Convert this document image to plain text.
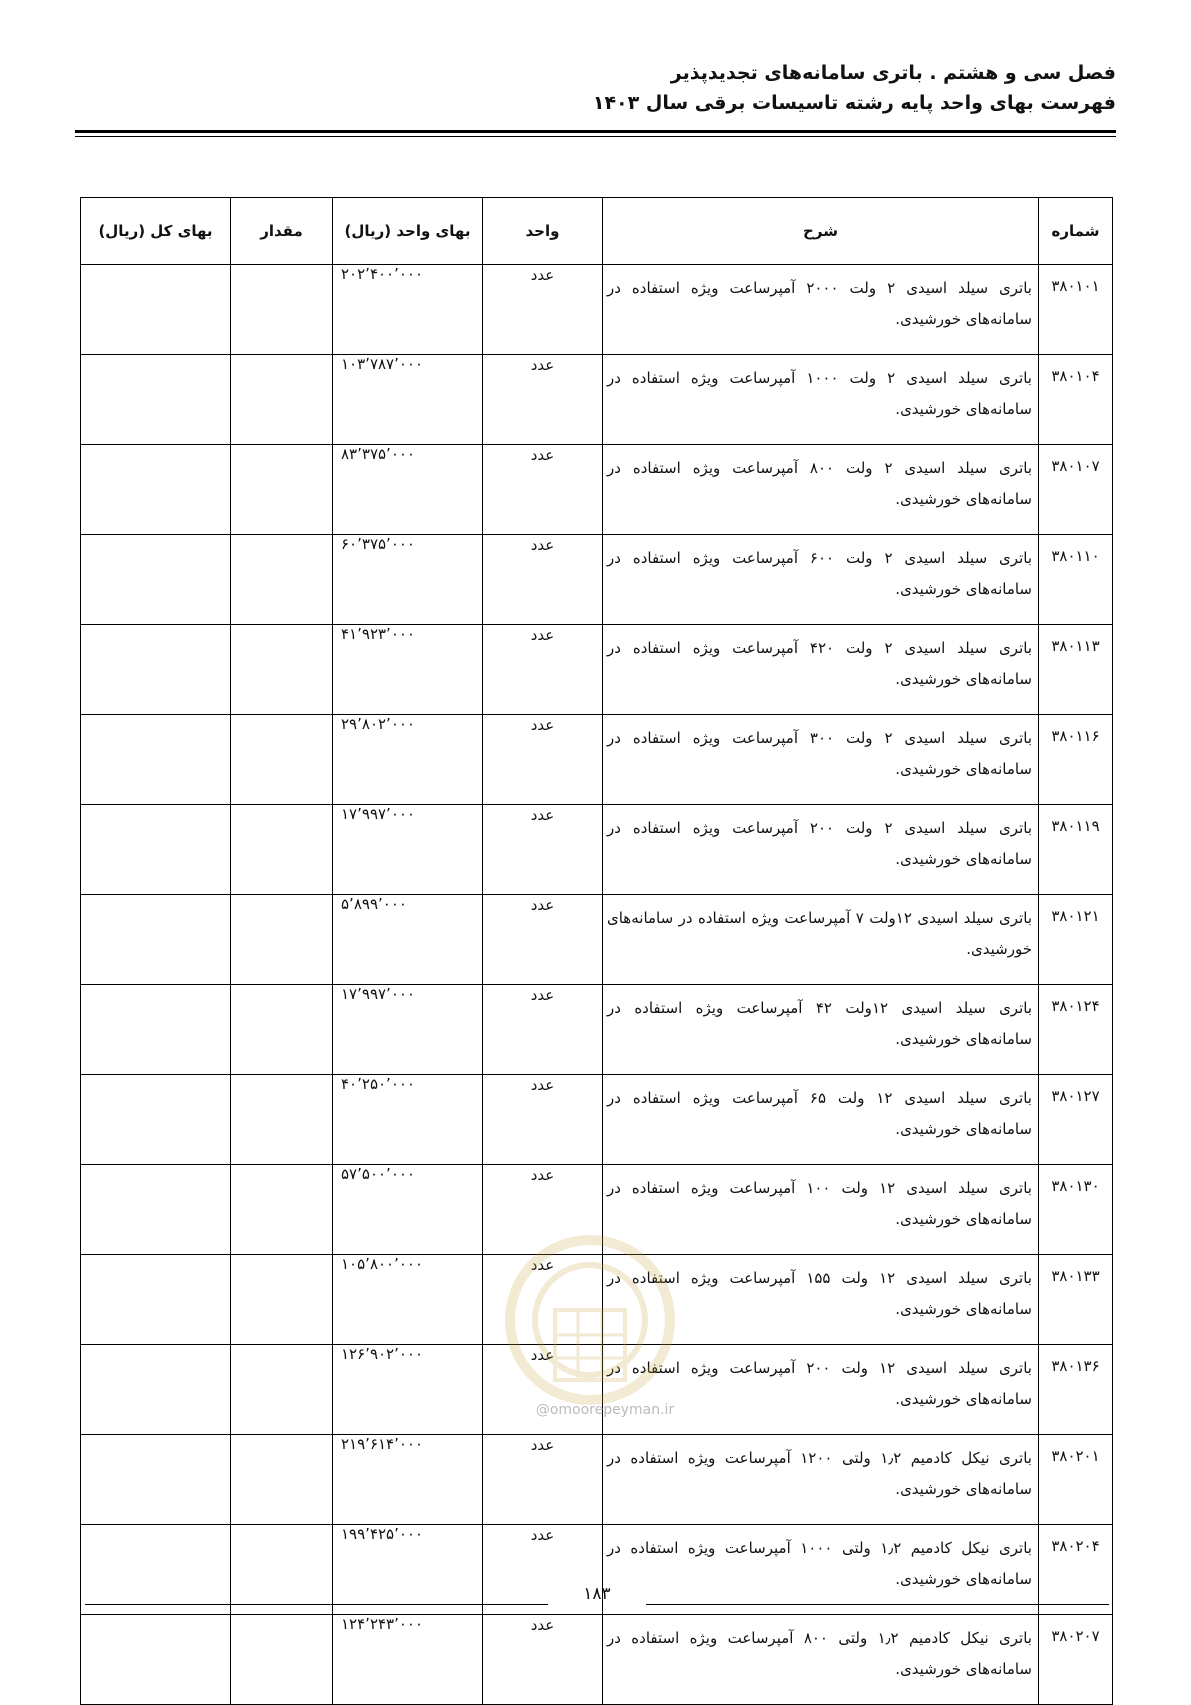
فصل سی و هشتم . باتری سامانه‌های تجدیدپذیر
فهرست بهای واحد پایه رشته تاسیسات برقی سال ۱۴۰۳
شماره	شرح	واحد	بهای واحد (ریال)	مقدار	بهای کل (ریال)
۳۸۰۱۰۱	باتری سیلد اسیدی ۲ ولت ۲۰۰۰ آمپرساعت ویژه استفاده در سامانه‌های خورشیدی.	عدد	۲۰۲٬۴۰۰٬۰۰۰		
۳۸۰۱۰۴	باتری سیلد اسیدی ۲ ولت ۱۰۰۰ آمپرساعت ویژه استفاده در سامانه‌های خورشیدی.	عدد	۱۰۳٬۷۸۷٬۰۰۰		
۳۸۰۱۰۷	باتری سیلد اسیدی ۲ ولت ۸۰۰ آمپرساعت ویژه استفاده در سامانه‌های خورشیدی.	عدد	۸۳٬۳۷۵٬۰۰۰		
۳۸۰۱۱۰	باتری سیلد اسیدی ۲ ولت ۶۰۰ آمپرساعت ویژه استفاده در سامانه‌های خورشیدی.	عدد	۶۰٬۳۷۵٬۰۰۰		
۳۸۰۱۱۳	باتری سیلد اسیدی ۲ ولت ۴۲۰ آمپرساعت ویژه استفاده در سامانه‌های خورشیدی.	عدد	۴۱٬۹۲۳٬۰۰۰		
۳۸۰۱۱۶	باتری سیلد اسیدی ۲ ولت ۳۰۰ آمپرساعت ویژه استفاده در سامانه‌های خورشیدی.	عدد	۲۹٬۸۰۲٬۰۰۰		
۳۸۰۱۱۹	باتری سیلد اسیدی ۲ ولت ۲۰۰ آمپرساعت ویژه استفاده در سامانه‌های خورشیدی.	عدد	۱۷٬۹۹۷٬۰۰۰		
۳۸۰۱۲۱	باتری سیلد اسیدی ۱۲ولت ۷ آمپرساعت ویژه استفاده در سامانه‌های خورشیدی.	عدد	۵٬۸۹۹٬۰۰۰		
۳۸۰۱۲۴	باتری سیلد اسیدی ۱۲ولت ۴۲ آمپرساعت ویژه استفاده در سامانه‌های خورشیدی.	عدد	۱۷٬۹۹۷٬۰۰۰		
۳۸۰۱۲۷	باتری سیلد اسیدی ۱۲ ولت ۶۵ آمپرساعت ویژه استفاده در سامانه‌های خورشیدی.	عدد	۴۰٬۲۵۰٬۰۰۰		
۳۸۰۱۳۰	باتری سیلد اسیدی ۱۲ ولت ۱۰۰ آمپرساعت ویژه استفاده در سامانه‌های خورشیدی.	عدد	۵۷٬۵۰۰٬۰۰۰		
۳۸۰۱۳۳	باتری سیلد اسیدی ۱۲ ولت ۱۵۵ آمپرساعت ویژه استفاده در سامانه‌های خورشیدی.	عدد	۱۰۵٬۸۰۰٬۰۰۰		
۳۸۰۱۳۶	باتری سیلد اسیدی ۱۲ ولت ۲۰۰ آمپرساعت ویژه استفاده در سامانه‌های خورشیدی.	عدد	۱۲۶٬۹۰۲٬۰۰۰		
۳۸۰۲۰۱	باتری نیکل کادمیم ۱٫۲ ولتی ۱۲۰۰ آمپرساعت ویژه استفاده در سامانه‌های خورشیدی.	عدد	۲۱۹٬۶۱۴٬۰۰۰		
۳۸۰۲۰۴	باتری نیکل کادمیم ۱٫۲ ولتی ۱۰۰۰ آمپرساعت ویژه استفاده در سامانه‌های خورشیدی.	عدد	۱۹۹٬۴۲۵٬۰۰۰		
۳۸۰۲۰۷	باتری نیکل کادمیم ۱٫۲ ولتی ۸۰۰ آمپرساعت ویژه استفاده در سامانه‌های خورشیدی.	عدد	۱۲۴٬۲۴۳٬۰۰۰		
@omoorepeyman.ir
۱۸۳
